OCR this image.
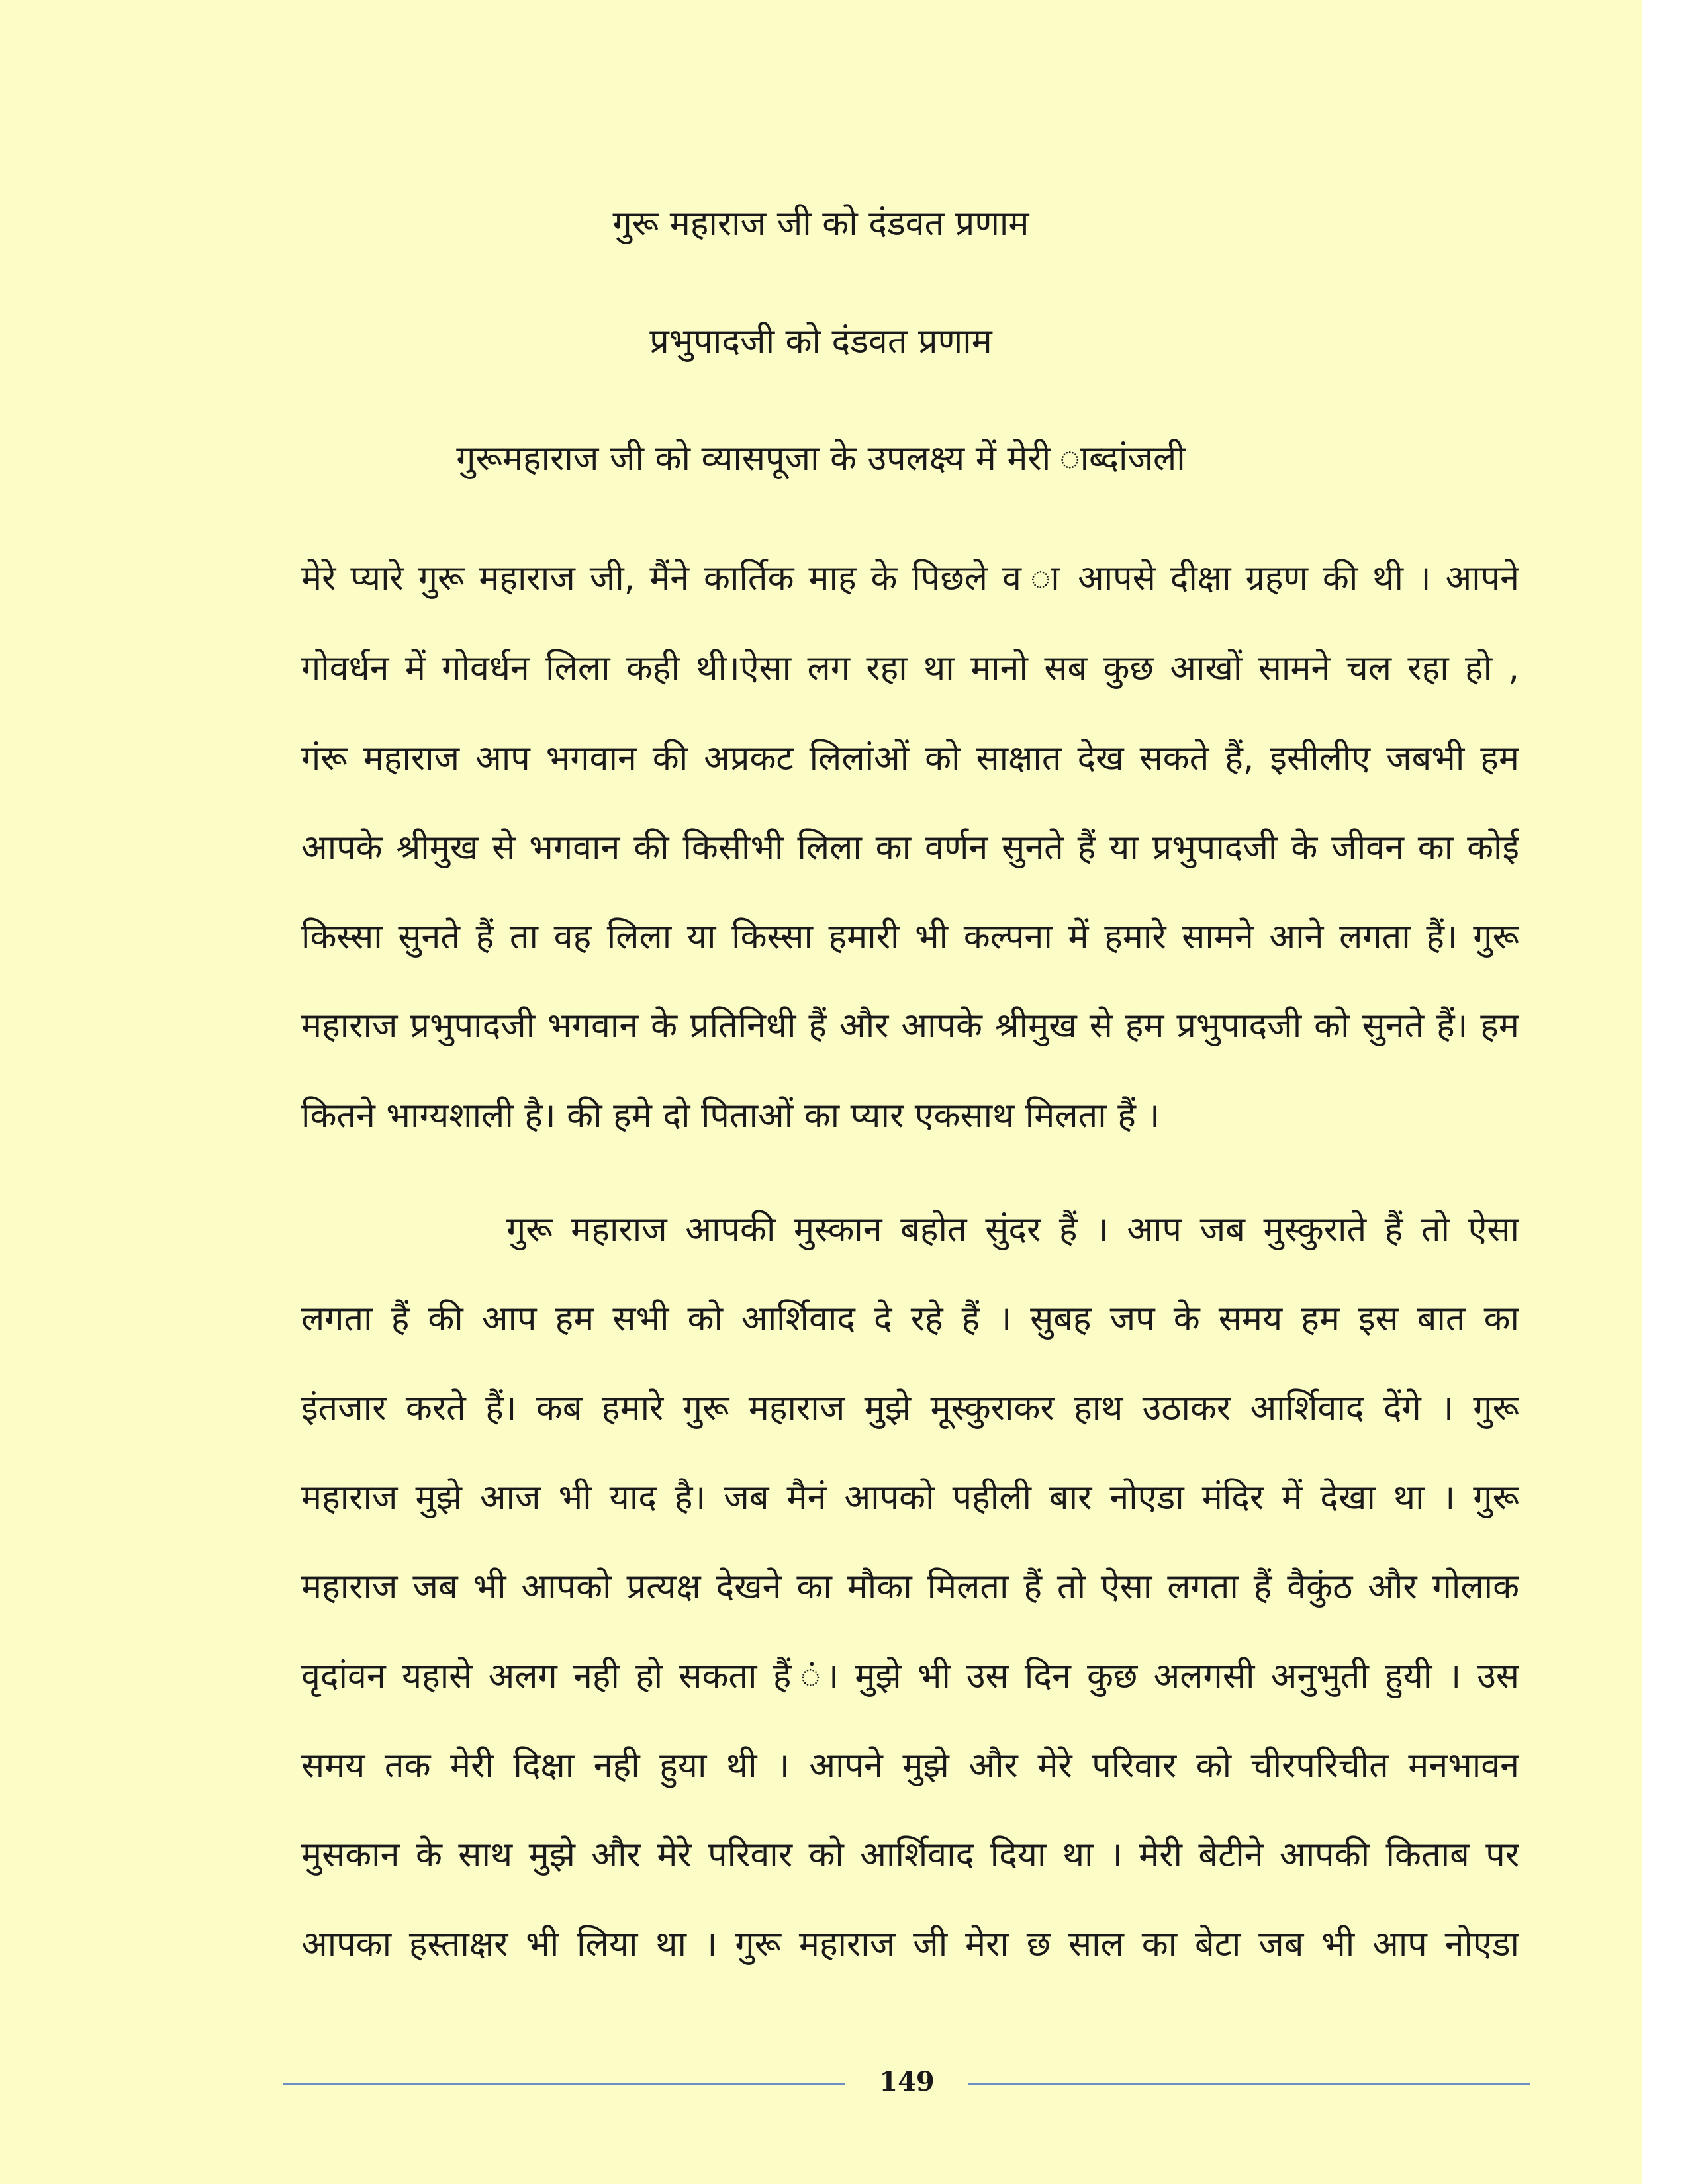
गुरू महाराज जी को दंडवत प्रणाम
प्रभुपादजी को दंडवत प्रणाम
गुरूमहाराज जी को व्यासपूजा के उपलक्ष्य में मेरी ाब्दांजली
मेरे प्यारे गुरू महाराज जी, मैंने कार्तिक माह के पिछले व ा आपसे दीक्षा ग्रहण की थी । आपने
गोवर्धन में गोवर्धन लिला कही थी।ऐसा लग रहा था मानो सब कुछ आखों सामने चल रहा हो ,
गंरू महाराज आप भगवान की अप्रकट लिलांओं को साक्षात देख सकते हैं, इसीलीए जबभी हम
आपके श्रीमुख से भगवान की किसीभी लिला का वर्णन सुनते हैं या प्रभुपादजी के जीवन का कोई
किस्सा सुनते हैं ता वह लिला या किस्सा हमारी भी कल्पना में हमारे सामने आने लगता हैं। गुरू
महाराज प्रभुपादजी भगवान के प्रतिनिधी हैं और आपके श्रीमुख से हम प्रभुपादजी को सुनते हैं। हम
कितने भाग्यशाली है। की हमे दो पिताओं का प्यार एकसाथ मिलता हैं ।
गुरू महाराज आपकी मुस्कान बहोत सुंदर हैं । आप जब मुस्कुराते हैं तो ऐसा
लगता हैं की आप हम सभी को आर्शिवाद दे रहे हैं । सुबह जप के समय हम इस बात का
इंतजार करते हैं। कब हमारे गुरू महाराज मुझे मूस्कुराकर हाथ उठाकर आर्शिवाद देंगे । गुरू
महाराज मुझे आज भी याद है। जब मैनं आपको पहीली बार नोएडा मंदिर में देखा था । गुरू
महाराज जब भी आपको प्रत्यक्ष देखने का मौका मिलता हैं तो ऐसा लगता हैं वैकुंठ और गोलाक
वृदांवन यहासे अलग नही हो सकता हैं ं। मुझे भी उस दिन कुछ अलगसी अनुभुती हुयी । उस
समय तक मेरी दिक्षा नही हुया थी । आपने मुझे और मेरे परिवार को चीरपरिचीत मनभावन
मुसकान के साथ मुझे और मेरे परिवार को आर्शिवाद दिया था । मेरी बेटीने आपकी किताब पर
आपका हस्ताक्षर भी लिया था । गुरू महाराज जी मेरा छ साल का बेटा जब भी आप नोएडा
149
